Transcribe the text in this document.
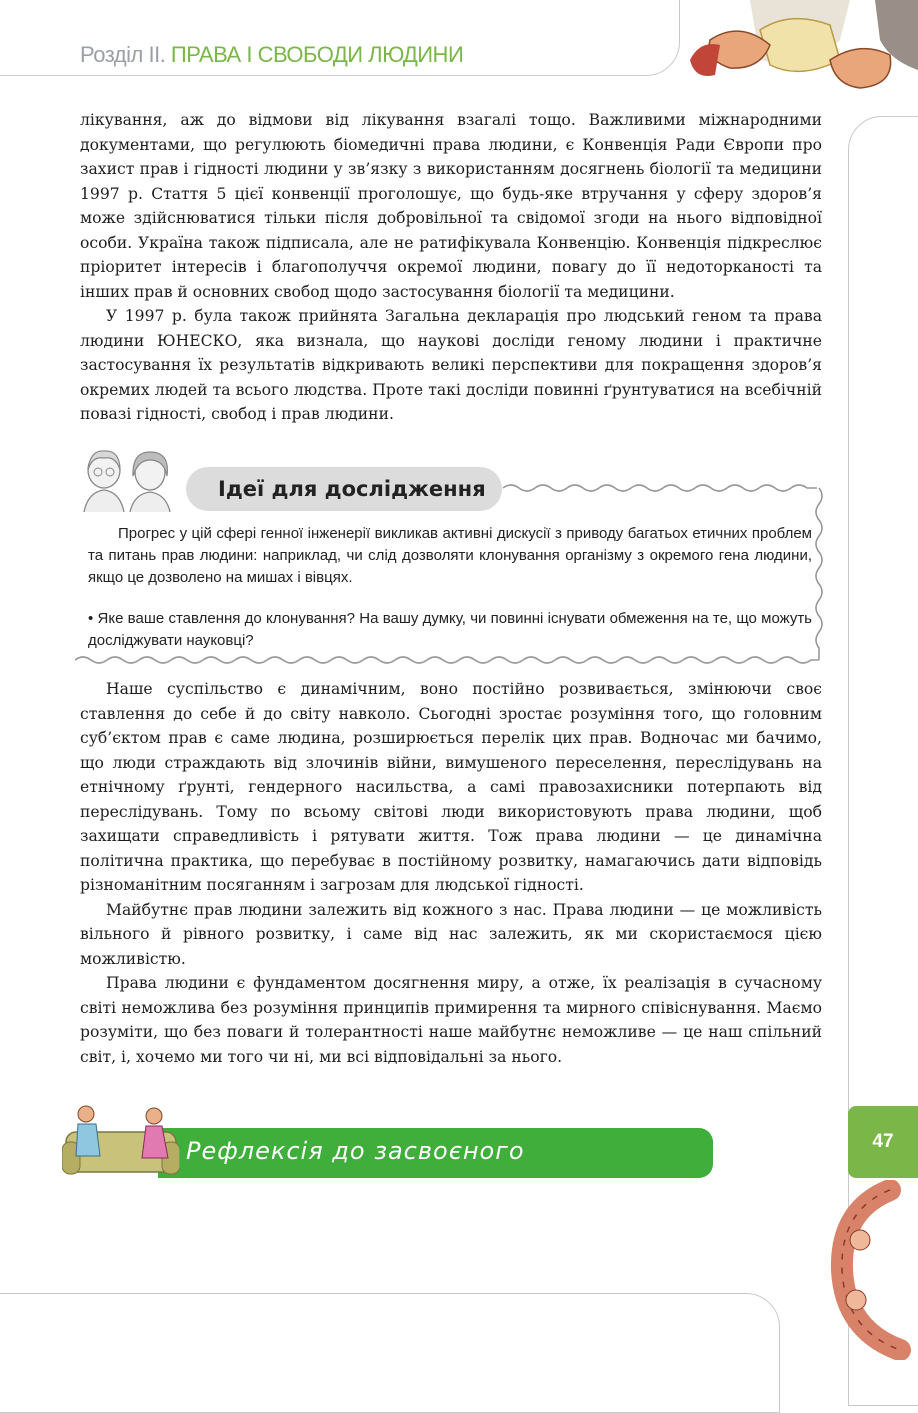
Розділ ІІ. ПРАВА І СВОБОДИ ЛЮДИНИ

лікування, аж до відмови від лікування взагалі тощо. Важливими міжнародними документами, що регулюють біомедичні права людини, є Конвенція Ради Європи про захист прав і гідності людини у зв’язку з використанням досягнень біології та медицини 1997 р. Стаття 5 цієї конвенції проголошує, що будь-яке втручання у сферу здоров’я може здійснюватися тільки після добровільної та свідомої згоди на нього відповідної особи. Україна також підписала, але не ратифікувала Конвенцію. Конвенція підкреслює пріоритет інтересів і благополуччя окремої людини, повагу до її недоторканості та інших прав й основних свобод щодо застосування біології та медицини.

У 1997 р. була також прийнята Загальна декларація про людський геном та права людини ЮНЕСКО, яка визнала, що наукові досліди геному людини і практичне застосування їх результатів відкривають великі перспективи для покращення здоров’я окремих людей та всього людства. Проте такі досліди повинні ґрунтуватися на всебічній повазі гідності, свобод і прав людини.

Ідеї для дослідження
Прогрес у цій сфері генної інженерії викликав активні дискусії з приводу багатьох етичних проблем та питань прав людини: наприклад, чи слід дозволяти клонування організму з окремого гена людини, якщо це дозволено на мишах і вівцях.
• Яке ваше ставлення до клонування? На вашу думку, чи повинні існувати обмеження на те, що можуть досліджувати науковці?

Наше суспільство є динамічним, воно постійно розвивається, змінюючи своє ставлення до себе й до світу навколо. Сьогодні зростає розуміння того, що головним суб’єктом прав є саме людина, розширюється перелік цих прав. Водночас ми бачимо, що люди страждають від злочинів війни, вимушеного переселення, переслідувань на етнічному ґрунті, гендерного насильства, а самі правозахисники потерпають від переслідувань. Тому по всьому світові люди використовують права людини, щоб захищати справедливість і рятувати життя. Тож права людини — це динамічна політична практика, що перебуває в постійному розвитку, намагаючись дати відповідь різноманітним посяганням і загрозам для людської гідності.

Майбутнє прав людини залежить від кожного з нас. Права людини — це можливість вільного й рівного розвитку, і саме від нас залежить, як ми скористаємося цією можливістю.

Права людини є фундаментом досягнення миру, а отже, їх реалізація в сучасному світі неможлива без розуміння принципів примирення та мирного співіснування. Маємо розуміти, що без поваги й толерантності наше майбутнє неможливе — це наш спільний світ, і, хочемо ми того чи ні, ми всі відповідальні за нього.

47
Рефлексія до засвоєного
